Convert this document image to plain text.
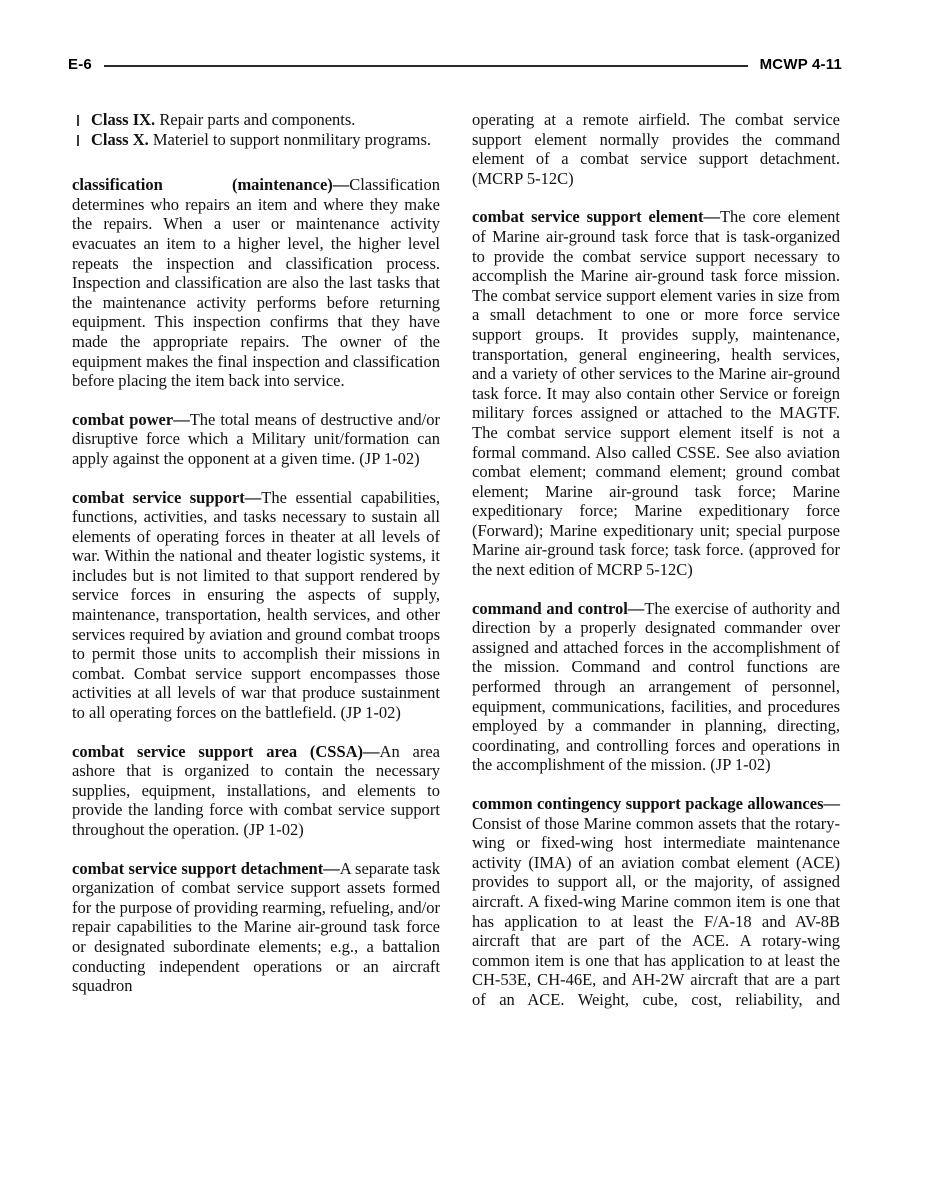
E-6	MCWP 4-11
Class IX. Repair parts and components.
Class X. Materiel to support nonmilitary programs.

classification (maintenance)—Classification determines who repairs an item and where they make the repairs. When a user or maintenance activity evacuates an item to a higher level, the higher level repeats the inspection and classification process. Inspection and classification are also the last tasks that the maintenance activity performs before returning equipment. This inspection confirms that they have made the appropriate repairs. The owner of the equipment makes the final inspection and classification before placing the item back into service.

combat power—The total means of destructive and/or disruptive force which a Military unit/formation can apply against the opponent at a given time. (JP 1-02)

combat service support—The essential capabilities, functions, activities, and tasks necessary to sustain all elements of operating forces in theater at all levels of war. Within the national and theater logistic systems, it includes but is not limited to that support rendered by service forces in ensuring the aspects of supply, maintenance, transportation, health services, and other services required by aviation and ground combat troops to permit those units to accomplish their missions in combat. Combat service support encompasses those activities at all levels of war that produce sustainment to all operating forces on the battlefield. (JP 1-02)

combat service support area (CSSA)—An area ashore that is organized to contain the necessary supplies, equipment, installations, and elements to provide the landing force with combat service support throughout the operation. (JP 1-02)

combat service support detachment—A separate task organization of combat service support assets formed for the purpose of providing rearming, refueling, and/or repair capabilities to the Marine air-ground task force or designated subordinate elements; e.g., a battalion conducting independent operations or an aircraft squadron

operating at a remote airfield. The combat service support element normally provides the command element of a combat service support detachment. (MCRP 5-12C)

combat service support element—The core element of Marine air-ground task force that is task-organized to provide the combat service support necessary to accomplish the Marine air-ground task force mission. The combat service support element varies in size from a small detachment to one or more force service support groups. It provides supply, maintenance, transportation, general engineering, health services, and a variety of other services to the Marine air-ground task force. It may also contain other Service or foreign military forces assigned or attached to the MAGTF. The combat service support element itself is not a formal command. Also called CSSE. See also aviation combat element; command element; ground combat element; Marine air-ground task force; Marine expeditionary force; Marine expeditionary force (Forward); Marine expeditionary unit; special purpose Marine air-ground task force; task force. (approved for the next edition of MCRP 5-12C)

command and control—The exercise of authority and direction by a properly designated commander over assigned and attached forces in the accomplishment of the mission. Command and control functions are performed through an arrangement of personnel, equipment, communications, facilities, and procedures employed by a commander in planning, directing, coordinating, and controlling forces and operations in the accomplishment of the mission. (JP 1-02)

common contingency support package allowances—Consist of those Marine common assets that the rotary-wing or fixed-wing host intermediate maintenance activity (IMA) of an aviation combat element (ACE) provides to support all, or the majority, of assigned aircraft. A fixed-wing Marine common item is one that has application to at least the F/A-18 and AV-8B aircraft that are part of the ACE. A rotary-wing common item is one that has application to at least the CH-53E, CH-46E, and AH-2W aircraft that are a part of an ACE. Weight, cube, cost, reliability, and
